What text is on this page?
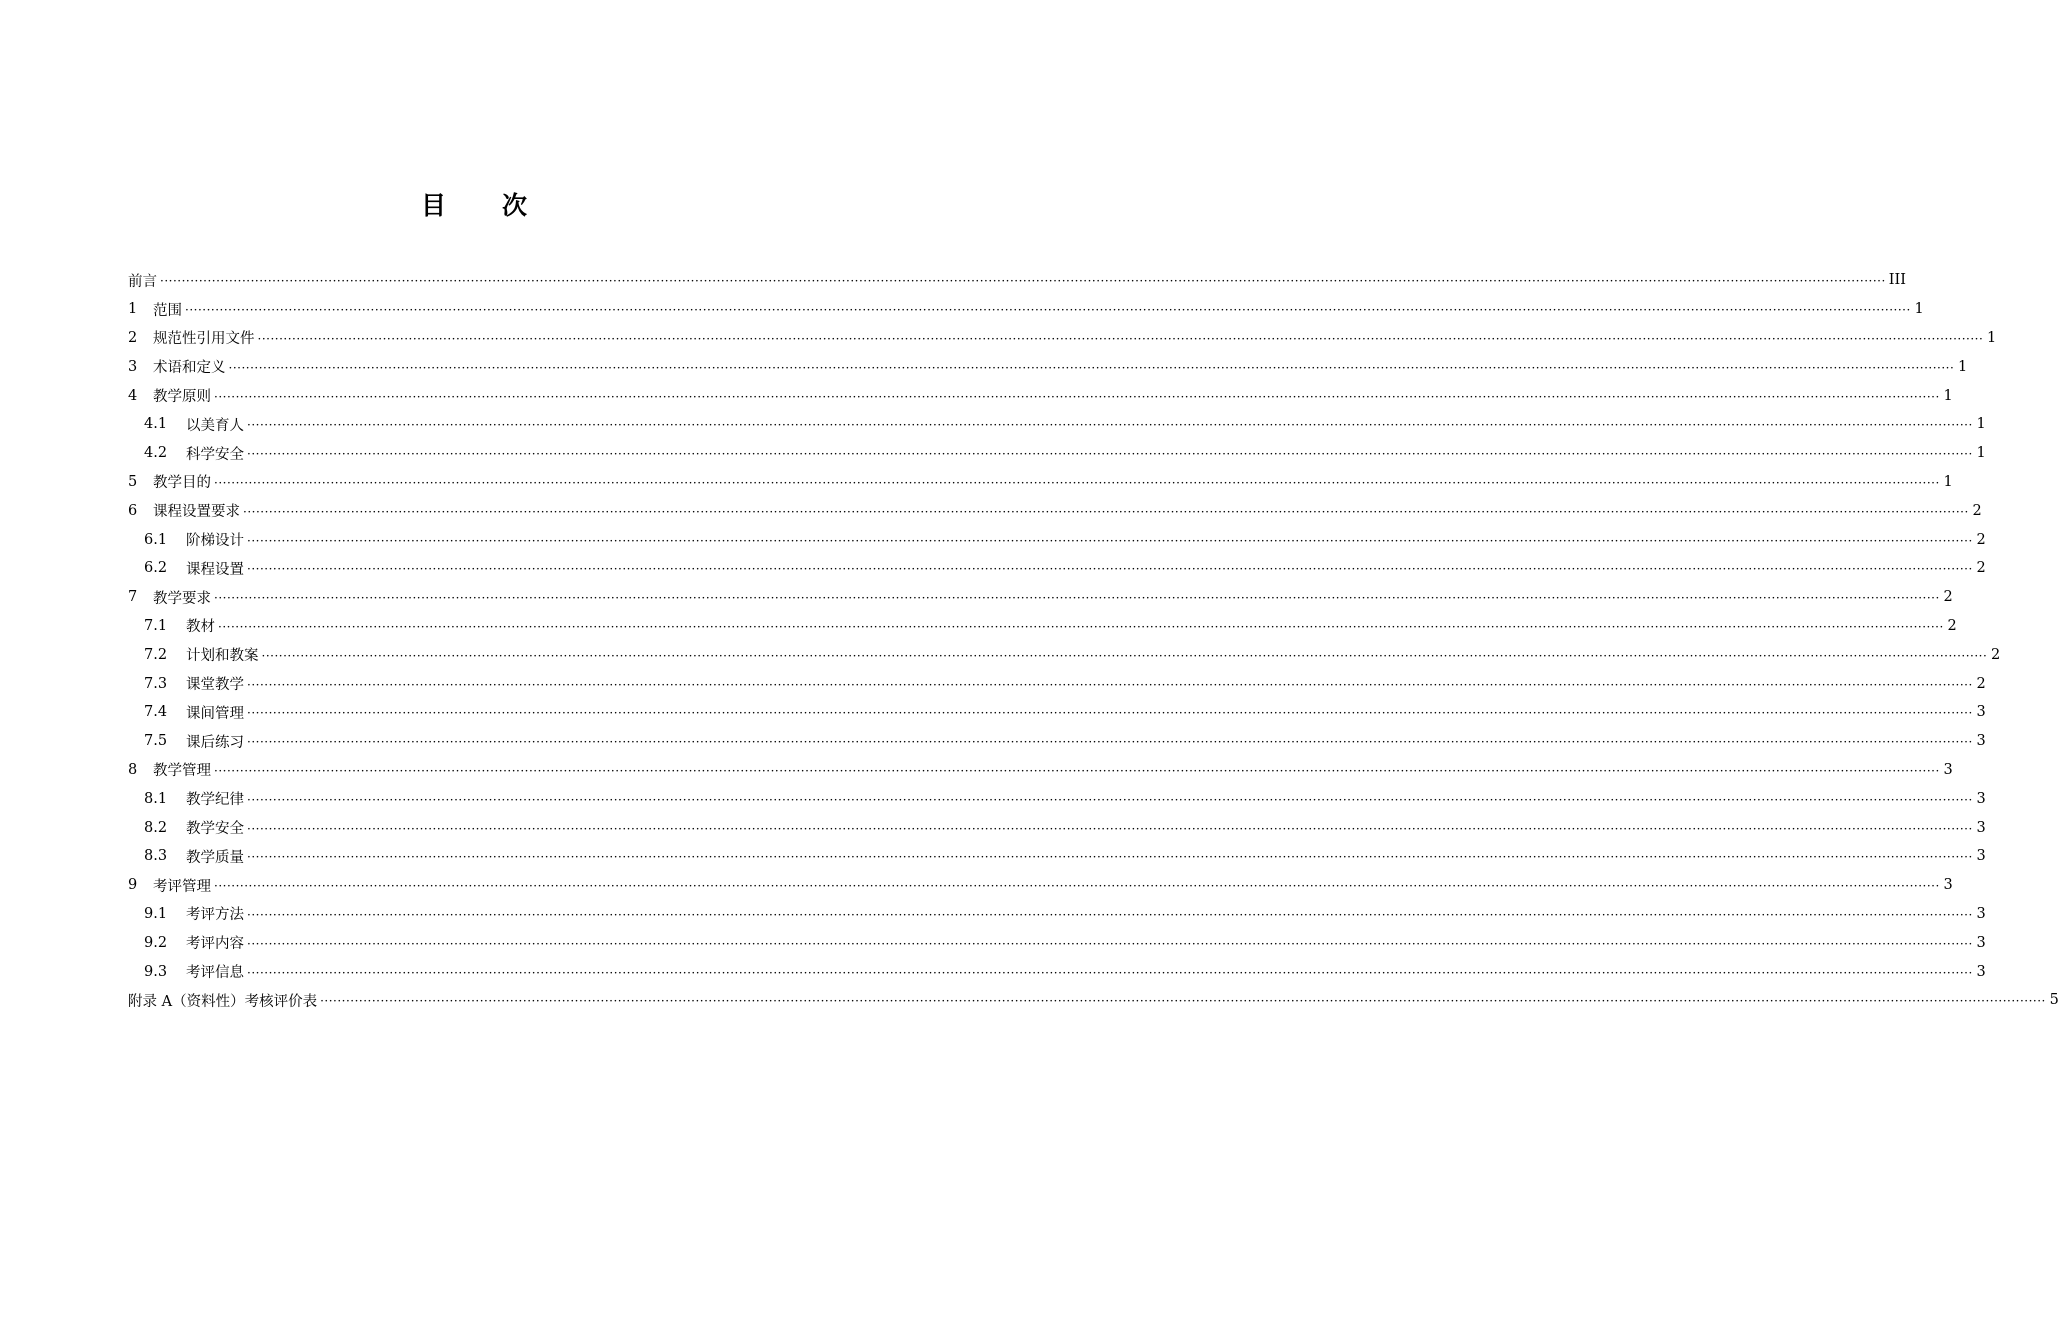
目　　次
前言 ················································································································································································································································································································································································································ III
1	范围 ················································································································································································································································································································································································································ 1
2	规范性引用文件 ················································································································································································································································································································································································································ 1
3	术语和定义 ················································································································································································································································································································································································································ 1
4	教学原则 ················································································································································································································································································································································································································ 1
4.1	以美育人 ················································································································································································································································································································································································································ 1
4.2	科学安全 ················································································································································································································································································································································································································ 1
5	教学目的 ················································································································································································································································································································································································································ 1
6	课程设置要求 ················································································································································································································································································································································································································ 2
6.1	阶梯设计 ················································································································································································································································································································································································································ 2
6.2	课程设置 ················································································································································································································································································································································································································ 2
7	教学要求 ················································································································································································································································································································································································································ 2
7.1	教材 ················································································································································································································································································································································································································ 2
7.2	计划和教案 ················································································································································································································································································································································································································ 2
7.3	课堂教学 ················································································································································································································································································································································································································ 2
7.4	课间管理 ················································································································································································································································································································································································································ 3
7.5	课后练习 ················································································································································································································································································································································································································ 3
8	教学管理 ················································································································································································································································································································································································································ 3
8.1	教学纪律 ················································································································································································································································································································································································································ 3
8.2	教学安全 ················································································································································································································································································································································································································ 3
8.3	教学质量 ················································································································································································································································································································································································································ 3
9	考评管理 ················································································································································································································································································································································································································ 3
9.1	考评方法 ················································································································································································································································································································································································································ 3
9.2	考评内容 ················································································································································································································································································································································································································ 3
9.3	考评信息 ················································································································································································································································································································································································································ 3
附录 A（资料性） 考核评价表 ················································································································································································································································································································································································································ 5
